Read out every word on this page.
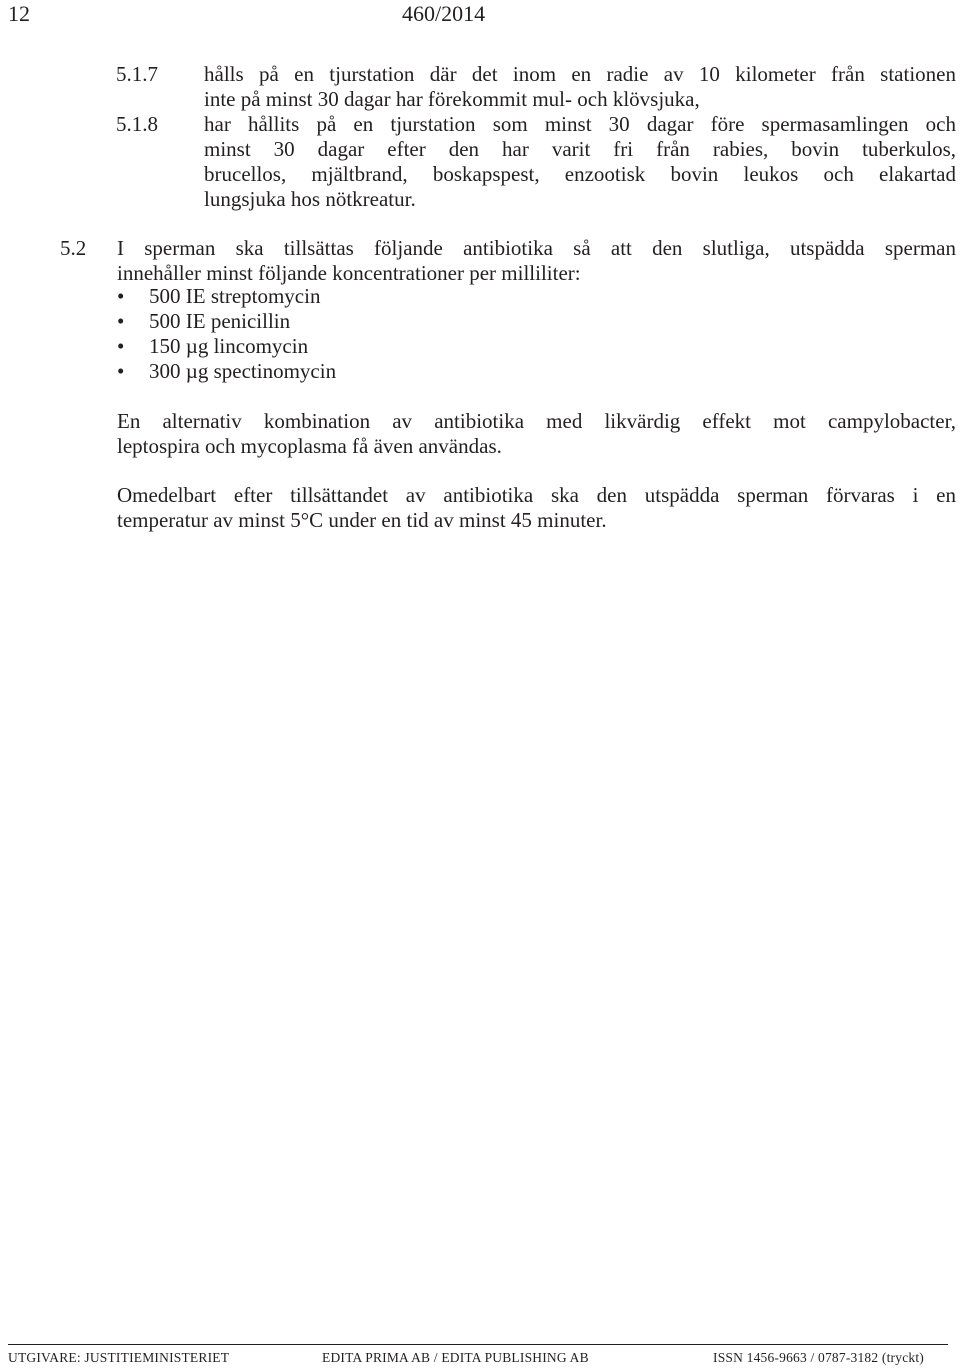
12	460/2014
5.1.7 hålls på en tjurstation där det inom en radie av 10 kilometer från stationen
inte på minst 30 dagar har förekommit mul- och klövsjuka,
5.1.8 har hållits på en tjurstation som minst 30 dagar före spermasamlingen och
minst 30 dagar efter den har varit fri från rabies, bovin tuberkulos,
brucellos, mjältbrand, boskapspest, enzootisk bovin leukos och elakartad
lungsjuka hos nötkreatur.
5.2 I sperman ska tillsättas följande antibiotika så att den slutliga, utspädda sperman
innehåller minst följande koncentrationer per milliliter:
• 500 IE streptomycin
• 500 IE penicillin
• 150 µg lincomycin
• 300 µg spectinomycin
En alternativ kombination av antibiotika med likvärdig effekt mot campylobacter,
leptospira och mycoplasma få även användas.
Omedelbart efter tillsättandet av antibiotika ska den utspädda sperman förvaras i en
temperatur av minst 5°C under en tid av minst 45 minuter.
UTGIVARE: JUSTITIEMINISTERIET	EDITA PRIMA AB / EDITA PUBLISHING AB	ISSN 1456-9663 / 0787-3182 (tryckt)
